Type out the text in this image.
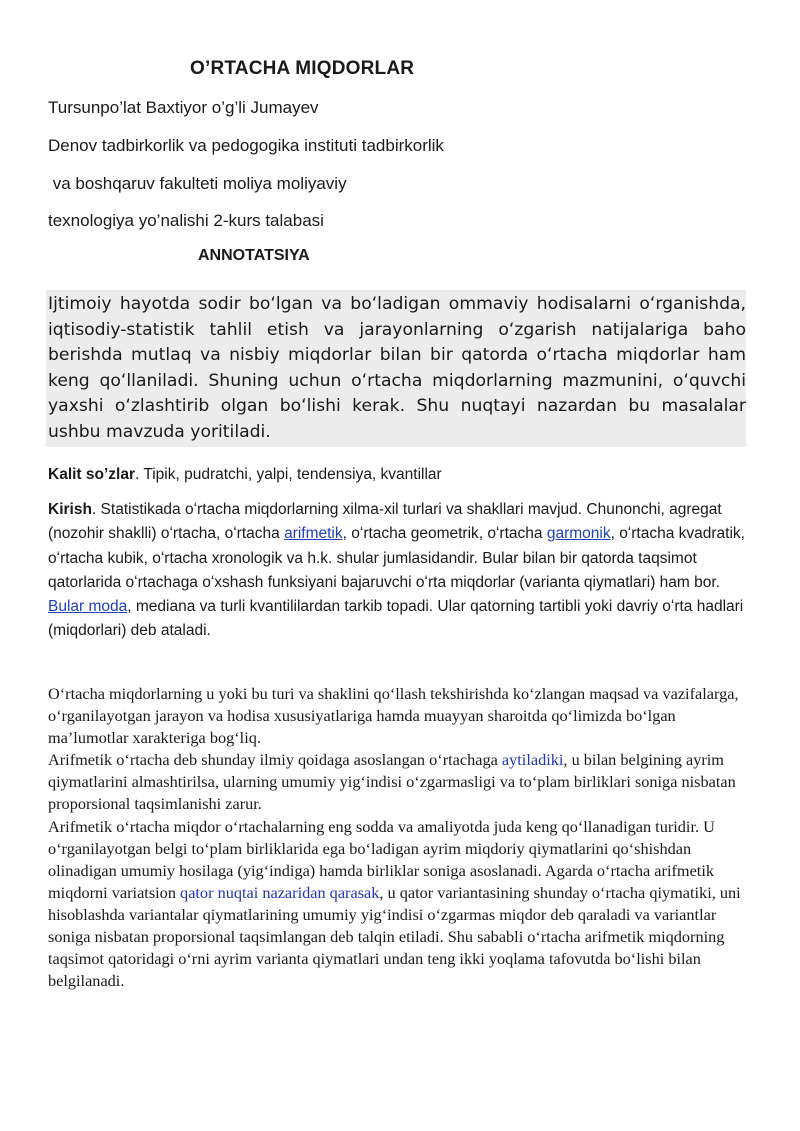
O’RTACHA MIQDORLAR
Tursunpo’lat Baxtiyor o’g’li Jumayev
Denov tadbirkorlik va pedogogika instituti tadbirkorlik
va boshqaruv fakulteti moliya moliyaviy
texnologiya yo’nalishi 2-kurs talabasi
ANNOTATSIYA
Ijtimoiy hayotda sodir boʻlgan va boʻladigan ommaviy hodisalarni oʻrganishda, iqtisodiy-statistik tahlil etish va jarayonlarning oʻzgarish natijalariga baho berishda mutlaq va nisbiy miqdorlar bilan bir qatorda oʻrtacha miqdorlar ham keng qoʻllaniladi. Shuning uchun oʻrtacha miqdorlarning mazmunini, oʻquvchi yaxshi oʻzlashtirib olgan boʻlishi kerak. Shu nuqtayi nazardan bu masalalar ushbu mavzuda yoritiladi.
Kalit so’zlar. Tipik, pudratchi, yalpi, tendensiya, kvantillar

Kirish. Statistikada oʻrtacha miqdorlarning xilma-xil turlari va shakllari mavjud. Chunonchi, agregat (nozohir shaklli) oʻrtacha, oʻrtacha arifmetik, oʻrtacha geometrik, oʻrtacha garmonik, oʻrtacha kvadratik, oʻrtacha kubik, oʻrtacha xronologik va h.k. shular jumlasidandir. Bular bilan bir qatorda taqsimot qatorlarida oʻrtachaga oʻxshash funksiyani bajaruvchi oʻrta miqdorlar (varianta qiymatlari) ham bor. Bular moda, mediana va turli kvantililardan tarkib topadi. Ular qatorning tartibli yoki davriy oʻrta hadlari (miqdorlari) deb ataladi.

Oʻrtacha miqdorlarning u yoki bu turi va shaklini qoʻllash tekshirishda koʻzlangan maqsad va vazifalarga, oʻrganilayotgan jarayon va hodisa xususiyatlariga hamda muayyan sharoitda qoʻlimizda boʻlgan maʼlumotlar xarakteriga bogʻliq.

Arifmetik oʻrtacha deb shunday ilmiy qoidaga asoslangan oʻrtachaga aytiladiki, u bilan belgining ayrim qiymatlarini almashtirilsa, ularning umumiy yigʻindisi oʻzgarmasligi va toʻplam birliklari soniga nisbatan proporsional taqsimlanishi zarur.

Arifmetik oʻrtacha miqdor oʻrtachalarning eng sodda va amaliyotda juda keng qoʻllanadigan turidir. U oʻrganilayotgan belgi toʻplam birliklarida ega boʻladigan ayrim miqdoriy qiymatlarini qoʻshishdan olinadigan umumiy hosilaga (yigʻindiga) hamda birliklar soniga asoslanadi. Agarda oʻrtacha arifmetik miqdorni variatsion qator nuqtai nazaridan qarasak, u qator variantasining shunday oʻrtacha qiymatiki, uni hisoblashda variantalar qiymatlarining umumiy yigʻindisi oʻzgarmas miqdor deb qaraladi va variantlar soniga nisbatan proporsional taqsimlangan deb talqin etiladi. Shu sababli oʻrtacha arifmetik miqdorning taqsimot qatoridagi oʻrni ayrim varianta qiymatlari undan teng ikki yoqlama tafovutda boʻlishi bilan belgilanadi.
